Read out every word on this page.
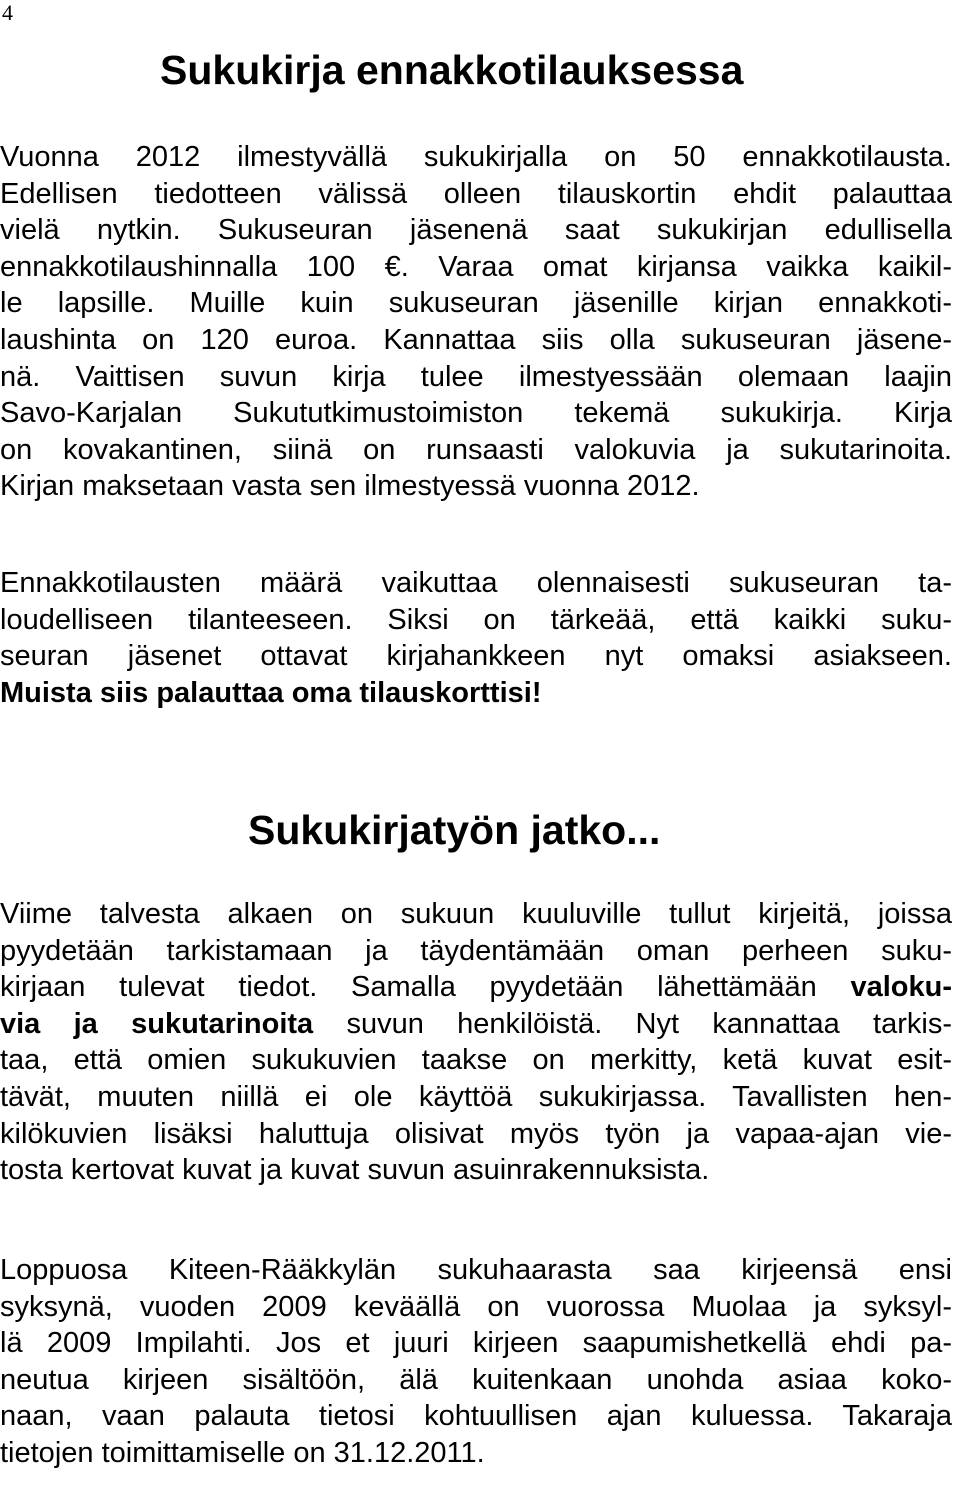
4
Sukukirja ennakkotilauksessa
Vuonna 2012 ilmestyvällä sukukirjalla on 50 ennakkotilausta.
Edellisen tiedotteen välissä olleen tilauskortin ehdit palauttaa
vielä nytkin. Sukuseuran jäsenenä saat sukukirjan edullisella
ennakkotilaushinnalla 100 €. Varaa omat kirjansa vaikka kaikil-
le lapsille. Muille kuin sukuseuran jäsenille kirjan ennakkoti-
laushinta on 120 euroa. Kannattaa siis olla sukuseuran jäsene-
nä. Vaittisen suvun kirja tulee ilmestyessään olemaan laajin
Savo-Karjalan Sukututkimustoimiston tekemä sukukirja. Kirja
on kovakantinen, siinä on runsaasti valokuvia ja sukutarinoita.
Kirjan maksetaan vasta sen ilmestyessä vuonna 2012.
Ennakkotilausten määrä vaikuttaa olennaisesti sukuseuran ta-
loudelliseen tilanteeseen. Siksi on tärkeää, että kaikki suku-
seuran jäsenet ottavat kirjahankkeen nyt omaksi asiakseen.
Muista siis palauttaa oma tilauskorttisi!
Sukukirjatyön jatko...
Viime talvesta alkaen on sukuun kuuluville tullut kirjeitä, joissa
pyydetään tarkistamaan ja täydentämään oman perheen suku-
kirjaan tulevat tiedot. Samalla pyydetään lähettämään valoku-
via ja sukutarinoita suvun henkilöistä. Nyt kannattaa tarkis-
taa, että omien sukukuvien taakse on merkitty, ketä kuvat esit-
tävät, muuten niillä ei ole käyttöä sukukirjassa. Tavallisten hen-
kilökuvien lisäksi haluttuja olisivat myös työn ja vapaa-ajan vie-
tosta kertovat kuvat ja kuvat suvun asuinrakennuksista.
Loppuosa Kiteen-Rääkkylän sukuhaarasta saa kirjeensä ensi
syksynä, vuoden 2009 keväällä on vuorossa Muolaa ja syksyl-
lä 2009 Impilahti. Jos et juuri kirjeen saapumishetkellä ehdi pa-
neutua kirjeen sisältöön, älä kuitenkaan unohda asiaa koko-
naan, vaan palauta tietosi kohtuullisen ajan kuluessa. Takaraja
tietojen toimittamiselle on 31.12.2011.
